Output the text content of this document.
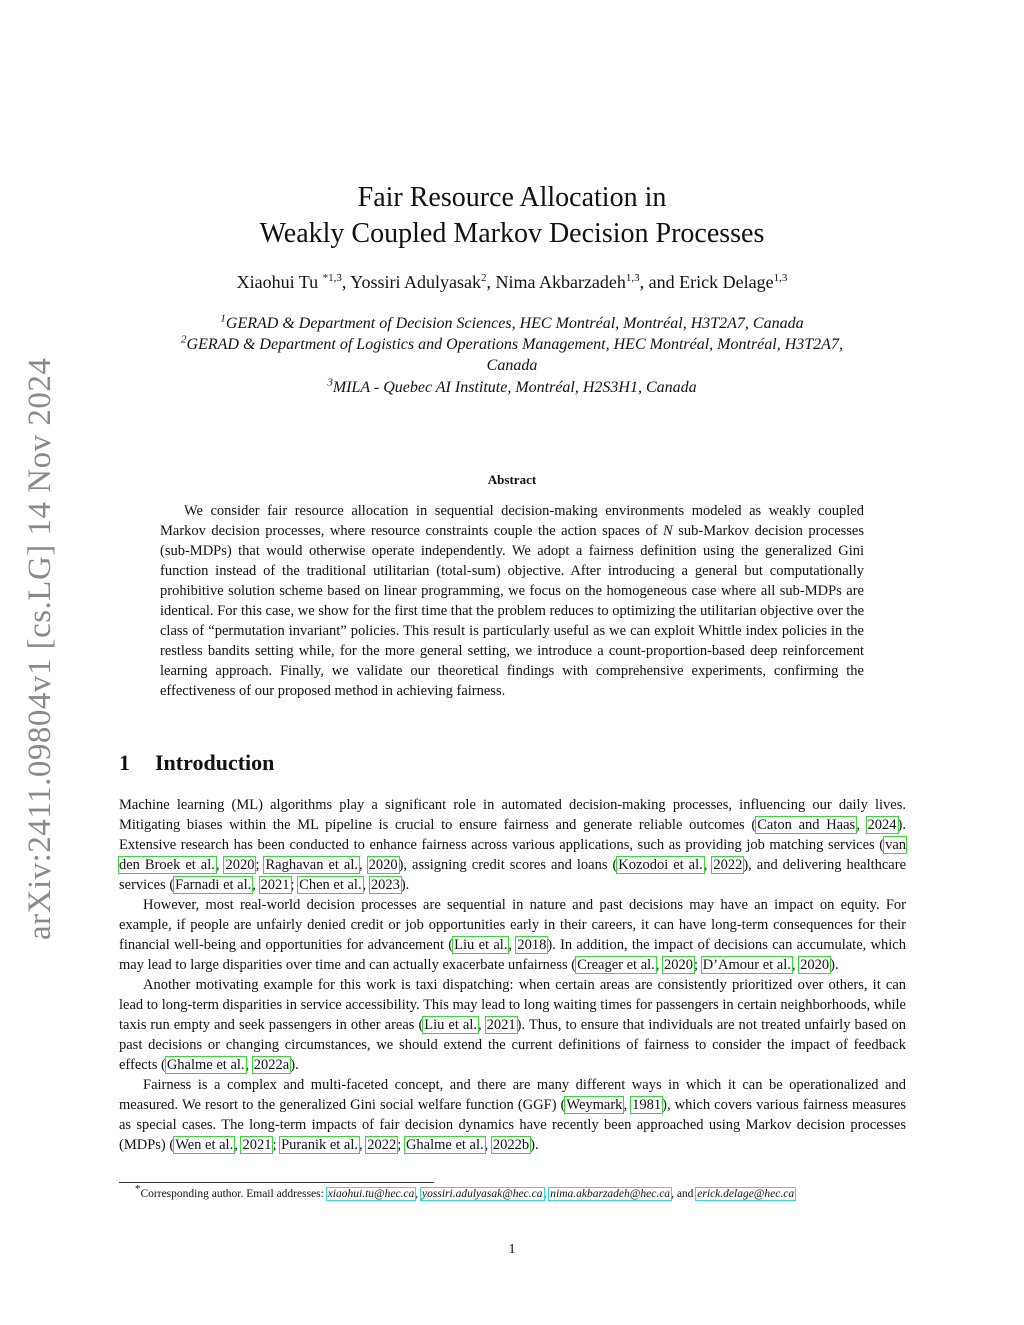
arXiv:2411.09804v1 [cs.LG] 14 Nov 2024
Fair Resource Allocation in
Weakly Coupled Markov Decision Processes
Xiaohui Tu $^{*1,3}$, Yossiri Adulyasak$^2$, Nima Akbarzadeh$^{1,3}$, and Erick Delage$^{1,3}$
$^1$GERAD & Department of Decision Sciences, HEC Montréal, Montréal, H3T2A7, Canada
$^2$GERAD & Department of Logistics and Operations Management, HEC Montréal, Montréal, H3T2A7,
Canada
$^3$MILA - Quebec AI Institute, Montréal, H2S3H1, Canada
Abstract
We consider fair resource allocation in sequential decision-making environments modeled as weakly coupled Markov decision processes, where resource constraints couple the action spaces of N sub-Markov decision processes (sub-MDPs) that would otherwise operate independently. We adopt a fairness definition using the generalized Gini function instead of the traditional utilitarian (total-sum) objective. After introducing a general but computationally prohibitive solution scheme based on linear programming, we focus on the homogeneous case where all sub-MDPs are identical. For this case, we show for the first time that the problem reduces to optimizing the utilitarian objective over the class of “permutation invariant” policies. This result is particularly useful as we can exploit Whittle index policies in the restless bandits setting while, for the more general setting, we introduce a count-proportion-based deep reinforcement learning approach. Finally, we validate our theoretical findings with comprehensive experiments, confirming the effectiveness of our proposed method in achieving fairness.
1 Introduction

Machine learning (ML) algorithms play a significant role in automated decision-making processes, influencing our daily lives. Mitigating biases within the ML pipeline is crucial to ensure fairness and generate reliable outcomes (Caton and Haas, 2024). Extensive research has been conducted to enhance fairness across various applications, such as providing job matching services (van den Broek et al., 2020; Raghavan et al., 2020), assigning credit scores and loans (Kozodoi et al., 2022), and delivering healthcare services (Farnadi et al., 2021; Chen et al., 2023).

However, most real-world decision processes are sequential in nature and past decisions may have an impact on equity. For example, if people are unfairly denied credit or job opportunities early in their careers, it can have long-term consequences for their financial well-being and opportunities for advancement (Liu et al., 2018). In addition, the impact of decisions can accumulate, which may lead to large disparities over time and can actually exacerbate unfairness (Creager et al., 2020; D’Amour et al., 2020).

Another motivating example for this work is taxi dispatching: when certain areas are consistently prioritized over others, it can lead to long-term disparities in service accessibility. This may lead to long waiting times for passengers in certain neighborhoods, while taxis run empty and seek passengers in other areas (Liu et al., 2021). Thus, to ensure that individuals are not treated unfairly based on past decisions or changing circumstances, we should extend the current definitions of fairness to consider the impact of feedback effects (Ghalme et al., 2022a).

Fairness is a complex and multi-faceted concept, and there are many different ways in which it can be operationalized and measured. We resort to the generalized Gini social welfare function (GGF) (Weymark, 1981), which covers various fairness measures as special cases. The long-term impacts of fair decision dynamics have recently been approached using Markov decision processes (MDPs) (Wen et al., 2021; Puranik et al., 2022; Ghalme et al., 2022b).

*Corresponding author. Email addresses: xiaohui.tu@hec.ca, yossiri.adulyasak@hec.ca, nima.akbarzadeh@hec.ca, and erick.delage@hec.ca
1
